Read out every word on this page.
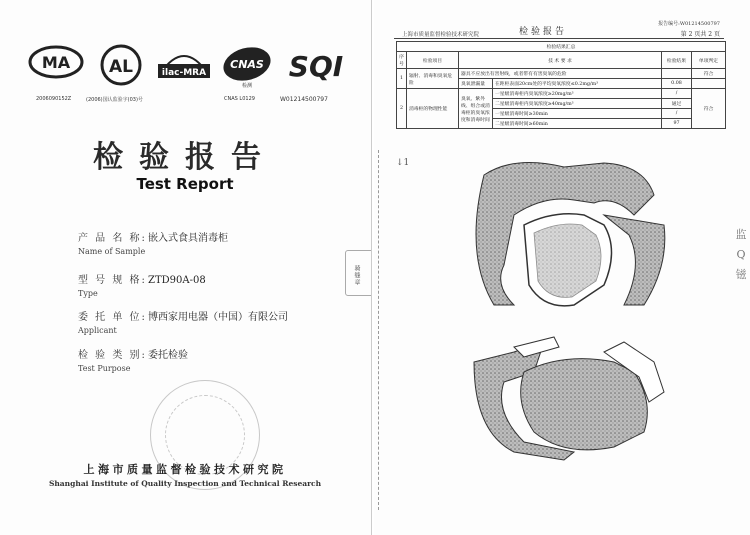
MA
2006090152Z
AL
(2006)国认监验字(03)号
ilac-MRA
CNAS
检测
CNAS L0129
SQI
W01214500797
检验报告
Test Report
产 品 名 称:嵌入式食具消毒柜
Name of Sample
型 号 规 格:ZTD90A-08
Type
委 托 单 位:博西家用电器（中国）有限公司
Applicant
检 验 类 别:委托检验
Test Purpose
上海市质量监督检验技术研究院
Shanghai Institute of Quality Inspection and Technical Research
骑缝章
上海市质量监督检验技术研究院	检验报告
报告编号:W01214500797
第 2 页共 2 页
检验结果汇总					
序号	检验项目	技 术 要 求		检验结果	单项判定
1	辐射、消毒和臭氧危险	器具不应放出有害射线，或者带有有害臭氧的危险			符合
		臭氧泄漏量	在距柜表面20cm处的平均臭氧浓度≤0.2mg/m³	0.08	
2	消毒柜的物理性能	臭氧、紫外线、组合或消毒柜的臭氧浓度和消毒时间	一星级消毒柜内臭氧浓度≥20mg/m³	/	符合
			二星级消毒柜内臭氧浓度≥40mg/m³	通过	
			一星级消毒时间≥30min	/	
			二星级消毒时间≥60min	97	
↓1
监
Q
镃
